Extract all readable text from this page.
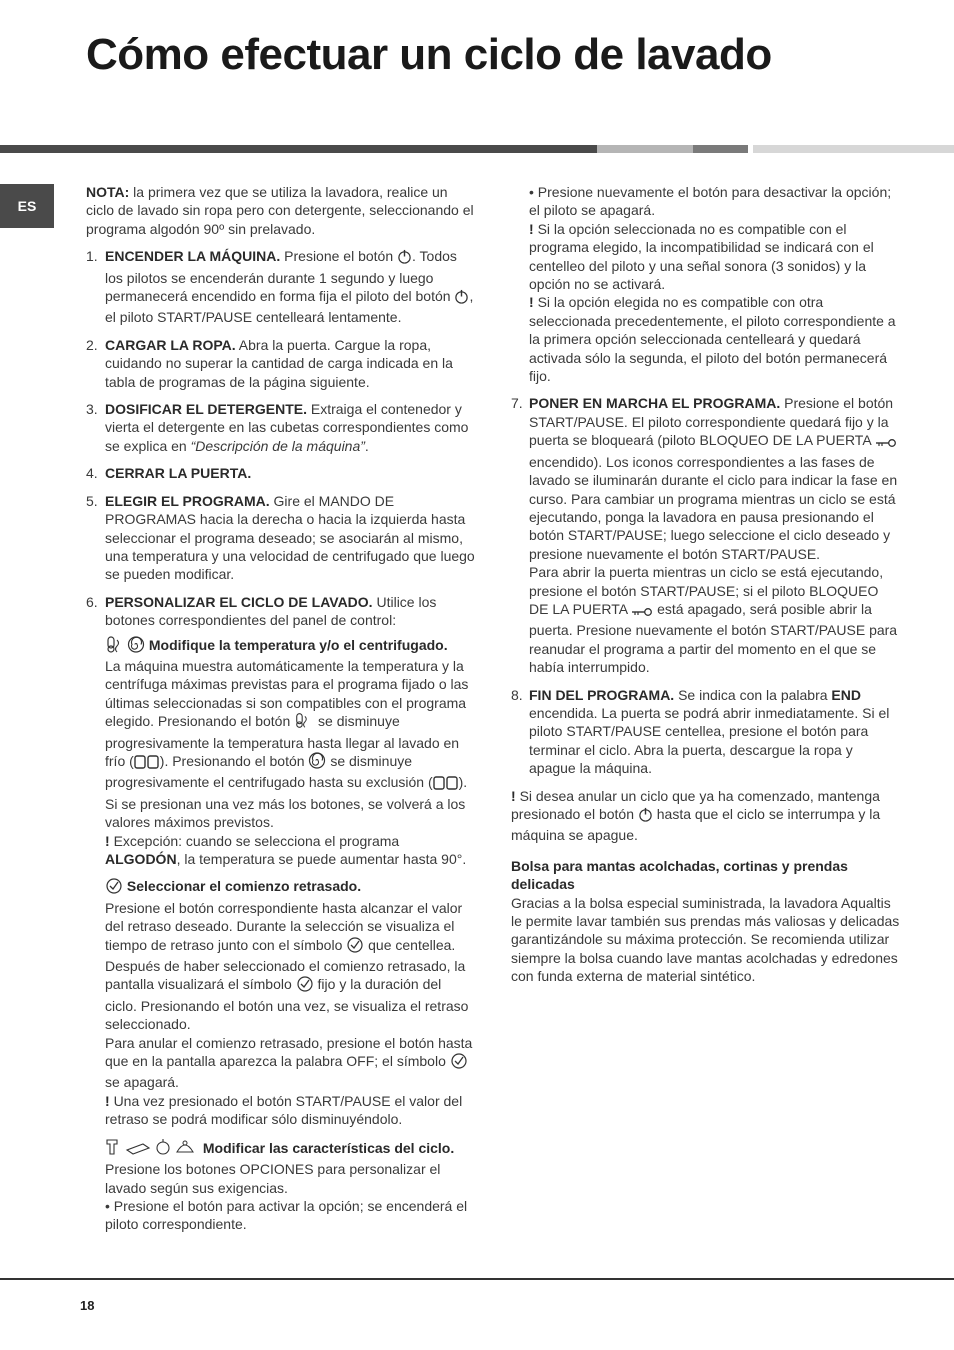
Cómo efectuar un ciclo de lavado
ES

NOTA: la primera vez que se utiliza la lavadora, realice un ciclo de lavado sin ropa pero con detergente, seleccionando el programa algodón 90º sin prelavado.

1. ENCENDER LA MÁQUINA. Presione el botón . Todos los pilotos se encenderán durante 1 segundo y luego permanecerá encendido en forma fija el piloto del botón , el piloto START/PAUSE centelleará lentamente.
2. CARGAR LA ROPA. Abra la puerta. Cargue la ropa, cuidando no superar la cantidad de carga indicada en la tabla de programas de la página siguiente.
3. DOSIFICAR EL DETERGENTE. Extraiga el contenedor y vierta el detergente en las cubetas correspondientes como se explica en “Descripción de la máquina”.
4. CERRAR LA PUERTA.
5. ELEGIR EL PROGRAMA. Gire el MANDO DE PROGRAMAS hacia la derecha o hacia la izquierda hasta seleccionar el programa deseado; se asociarán al mismo, una temperatura y una velocidad de centrifugado que luego se pueden modificar.
6. PERSONALIZAR EL CICLO DE LAVADO. Utilice los botones correspondientes del panel de control:

Modifique la temperatura y/o el centrifugado.

La máquina muestra automáticamente la temperatura y la centrífuga máximas previstas para el programa fijado o las últimas seleccionadas si son compatibles con el programa elegido. Presionando el botón  se disminuye progresivamente la temperatura hasta llegar al lavado en frío ( ). Presionando el botón  se disminuye progresivamente el centrifugado hasta su exclusión ( ). Si se presionan una vez más los botones, se volverá a los valores máximos previstos.

! Excepción: cuando se selecciona el programa ALGODÓN, la temperatura se puede aumentar hasta 90°.

Seleccionar el comienzo retrasado.

Presione el botón correspondiente hasta alcanzar el valor del retraso deseado. Durante la selección se visualiza el tiempo de retraso junto con el símbolo  que centellea. Después de haber seleccionado el comienzo retrasado, la pantalla visualizará el símbolo  fijo y la duración del ciclo. Presionando el botón una vez, se visualiza el retraso seleccionado.

Para anular el comienzo retrasado, presione el botón hasta que en la pantalla aparezca la palabra OFF; el símbolo  se apagará.

! Una vez presionado el botón START/PAUSE el valor del retraso se podrá modificar sólo disminuyéndolo.

Modificar las características del ciclo.

Presione los botones OPCIONES para personalizar el lavado según sus exigencias.

• Presione el botón para activar la opción; se encenderá el piloto correspondiente.

• Presione nuevamente el botón para desactivar la opción; el piloto se apagará.

! Si la opción seleccionada no es compatible con el programa elegido, la incompatibilidad se indicará con el centelleo del piloto y una señal sonora (3 sonidos) y la opción no se activará.

! Si la opción elegida no es compatible con otra seleccionada precedentemente, el piloto correspondiente a la primera opción seleccionada centelleará y quedará activada sólo la segunda, el piloto del botón permanecerá fijo.

7. PONER EN MARCHA EL PROGRAMA. Presione el botón START/PAUSE. El piloto correspondiente quedará fijo y la puerta se bloqueará (piloto BLOQUEO DE LA PUERTA  encendido). Los iconos correspondientes a las fases de lavado se iluminarán durante el ciclo para indicar la fase en curso. Para cambiar un programa mientras un ciclo se está ejecutando, ponga la lavadora en pausa presionando el botón START/PAUSE; luego seleccione el ciclo deseado y presione nuevamente el botón START/PAUSE.
Para abrir la puerta mientras un ciclo se está ejecutando, presione el botón START/PAUSE; si el piloto BLOQUEO DE LA PUERTA  está apagado, será posible abrir la puerta. Presione nuevamente el botón START/PAUSE para reanudar el programa a partir del momento en el que se había interrumpido.
8. FIN DEL PROGRAMA. Se indica con la palabra END encendida. La puerta se podrá abrir inmediatamente. Si el piloto START/PAUSE centellea, presione el botón para terminar el ciclo. Abra la puerta, descargue la ropa y apague la máquina.

! Si desea anular un ciclo que ya ha comenzado, mantenga presionado el botón  hasta que el ciclo se interrumpa y la máquina se apague.

Bolsa para mantas acolchadas, cortinas y prendas delicadas

Gracias a la bolsa especial suministrada, la lavadora Aqualtis le permite lavar también sus prendas más valiosas y delicadas garantizándole su máxima protección. Se recomienda utilizar siempre la bolsa cuando lave mantas acolchadas y edredones con funda externa de material sintético.

18
